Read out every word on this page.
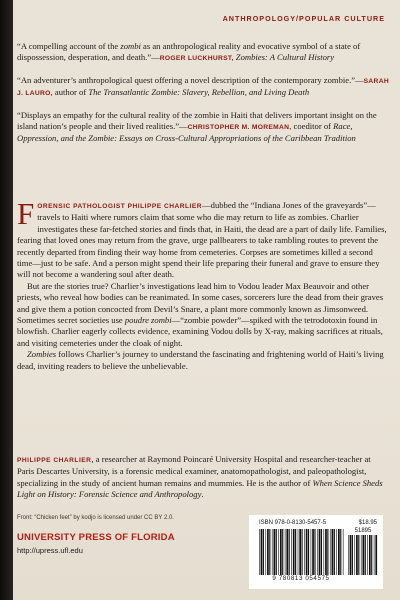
ANTHROPOLOGY/POPULAR CULTURE

“A compelling account of the zombi as an anthropological reality and evocative symbol of a state of dispossession, desperation, and death.”—ROGER LUCKHURST, Zombies: A Cultural History

“An adventurer’s anthropological quest offering a novel description of the contemporary zombie.”—SARAH J. LAURO, author of The Transatlantic Zombie: Slavery, Rebellion, and Living Death

“Displays an empathy for the cultural reality of the zombie in Haiti that delivers important insight on the island nation’s people and their lived realities.”—CHRISTOPHER M. MOREMAN, coeditor of Race, Oppression, and the Zombie: Essays on Cross-Cultural Appropriations of the Caribbean Tradition

FORENSIC PATHOLOGIST PHILIPPE CHARLIER—dubbed the “Indiana Jones of the graveyards”—travels to Haiti where rumors claim that some who die may return to life as zombies. Charlier investigates these far-fetched stories and finds that, in Haiti, the dead are a part of daily life. Families, fearing that loved ones may return from the grave, urge pallbearers to take rambling routes to prevent the recently departed from finding their way home from cemeteries. Corpses are sometimes killed a second time—just to be safe. And a person might spend their life preparing their funeral and grave to ensure they will not become a wandering soul after death.

But are the stories true? Charlier’s investigations lead him to Vodou leader Max Beauvoir and other priests, who reveal how bodies can be reanimated. In some cases, sorcerers lure the dead from their graves and give them a potion concocted from Devil’s Snare, a plant more commonly known as Jimsonweed. Sometimes secret societies use poudre zombi—“zombie powder”—spiked with the tetrodotoxin found in blowfish. Charlier eagerly collects evidence, examining Vodou dolls by X-ray, making sacrifices at rituals, and visiting cemeteries under the cloak of night.

Zombies follows Charlier’s journey to understand the fascinating and frightening world of Haiti’s living dead, inviting readers to believe the unbelievable.

PHILIPPE CHARLIER, a researcher at Raymond Poincaré University Hospital and researcher-teacher at Paris Descartes University, is a forensic medical examiner, anatomopathologist, and paleopathologist, specializing in the study of ancient human remains and mummies. He is the author of When Science Sheds Light on History: Forensic Science and Anthropology.
Front: “Chicken feet” by kodjo is licensed under CC BY 2.0.
UNIVERSITY PRESS OF FLORIDA
http://upress.ufl.edu
ISBN 978-0-8130-5457-5	$18.95
51895
9 780813 054575
